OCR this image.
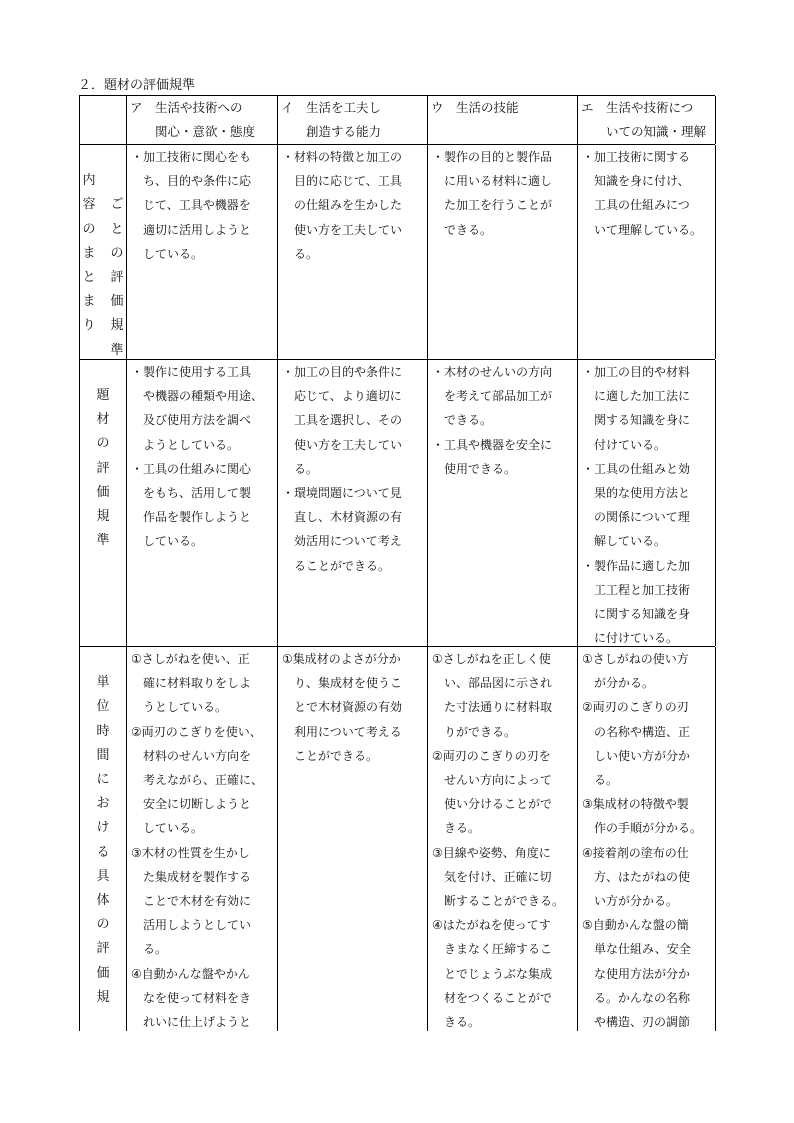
２．題材の評価規準

ア　生活や技術への

　　関心・意欲・態度

イ　生活を工夫し

　　創造する能力

ウ　生活の技能	エ　生活や技術につ

　　いての知識・理解

内
容
の
ま
と
ま
り

ご
と
の
評
価
規
準

・加工技術に関心をも

　ち、目的や条件に応

　じて、工具や機器を

　適切に活用しようと

　している。

・材料の特徴と加工の

　目的に応じて、工具

　の仕組みを生かした

　使い方を工夫してい

　る。

・製作の目的と製作品

　に用いる材料に適し

　た加工を行うことが

　できる。

・加工技術に関する

　知識を身に付け、

　工具の仕組みにつ

　いて理解している。

題
材
の
評
価
規
準

・製作に使用する工具

　や機器の種類や用途、

　及び使用方法を調べ

　ようとしている。

・工具の仕組みに関心

　をもち、活用して製

　作品を製作しようと

　している。

・加工の目的や条件に

　応じて、より適切に

　工具を選択し、その

　使い方を工夫してい

　る。

・環境問題について見

　直し、木材資源の有

　効活用について考え

　ることができる。

・木材のせんいの方向

　を考えて部品加工が

　できる。

・工具や機器を安全に

　使用できる。

・加工の目的や材料

　に適した加工法に

　関する知識を身に

　付けている。

・工具の仕組みと効

　果的な使用方法と

　の関係について理

　解している。

・製作品に適した加

　工工程と加工技術

　に関する知識を身

　に付けている。

単
位
時
間
に
お
け
る
具
体
の
評
価
規

①さしがねを使い、正

　確に材料取りをしよ

　うとしている。

②両刃のこぎりを使い、

　材料のせんい方向を

　考えながら、正確に、

　安全に切断しようと

　している。

③木材の性質を生かし

　た集成材を製作する

　ことで木材を有効に

　活用しようとしてい

　る。

④自動かんな盤やかん

　なを使って材料をき

　れいに仕上げようと

①集成材のよさが分か

　り、集成材を使うこ

　とで木材資源の有効

　利用について考える

　ことができる。

①さしがねを正しく使

　い、部品図に示され

　た寸法通りに材料取

　りができる。

②両刃のこぎりの刃を

　せんい方向によって

　使い分けることがで

　きる。

③目線や姿勢、角度に

　気を付け、正確に切

　断することができる。

④はたがねを使ってす

　きまなく圧締するこ

　とでじょうぶな集成

　材をつくることがで

　きる。

①さしがねの使い方

　が分かる。

②両刃のこぎりの刃

　の名称や構造、正

　しい使い方が分か

　る。

③集成材の特徴や製

　作の手順が分かる。

④接着剤の塗布の仕

　方、はたがねの使

　い方が分かる。

⑤自動かんな盤の簡

　単な仕組み、安全

　な使用方法が分か

　る。かんなの名称

　や構造、刃の調節
